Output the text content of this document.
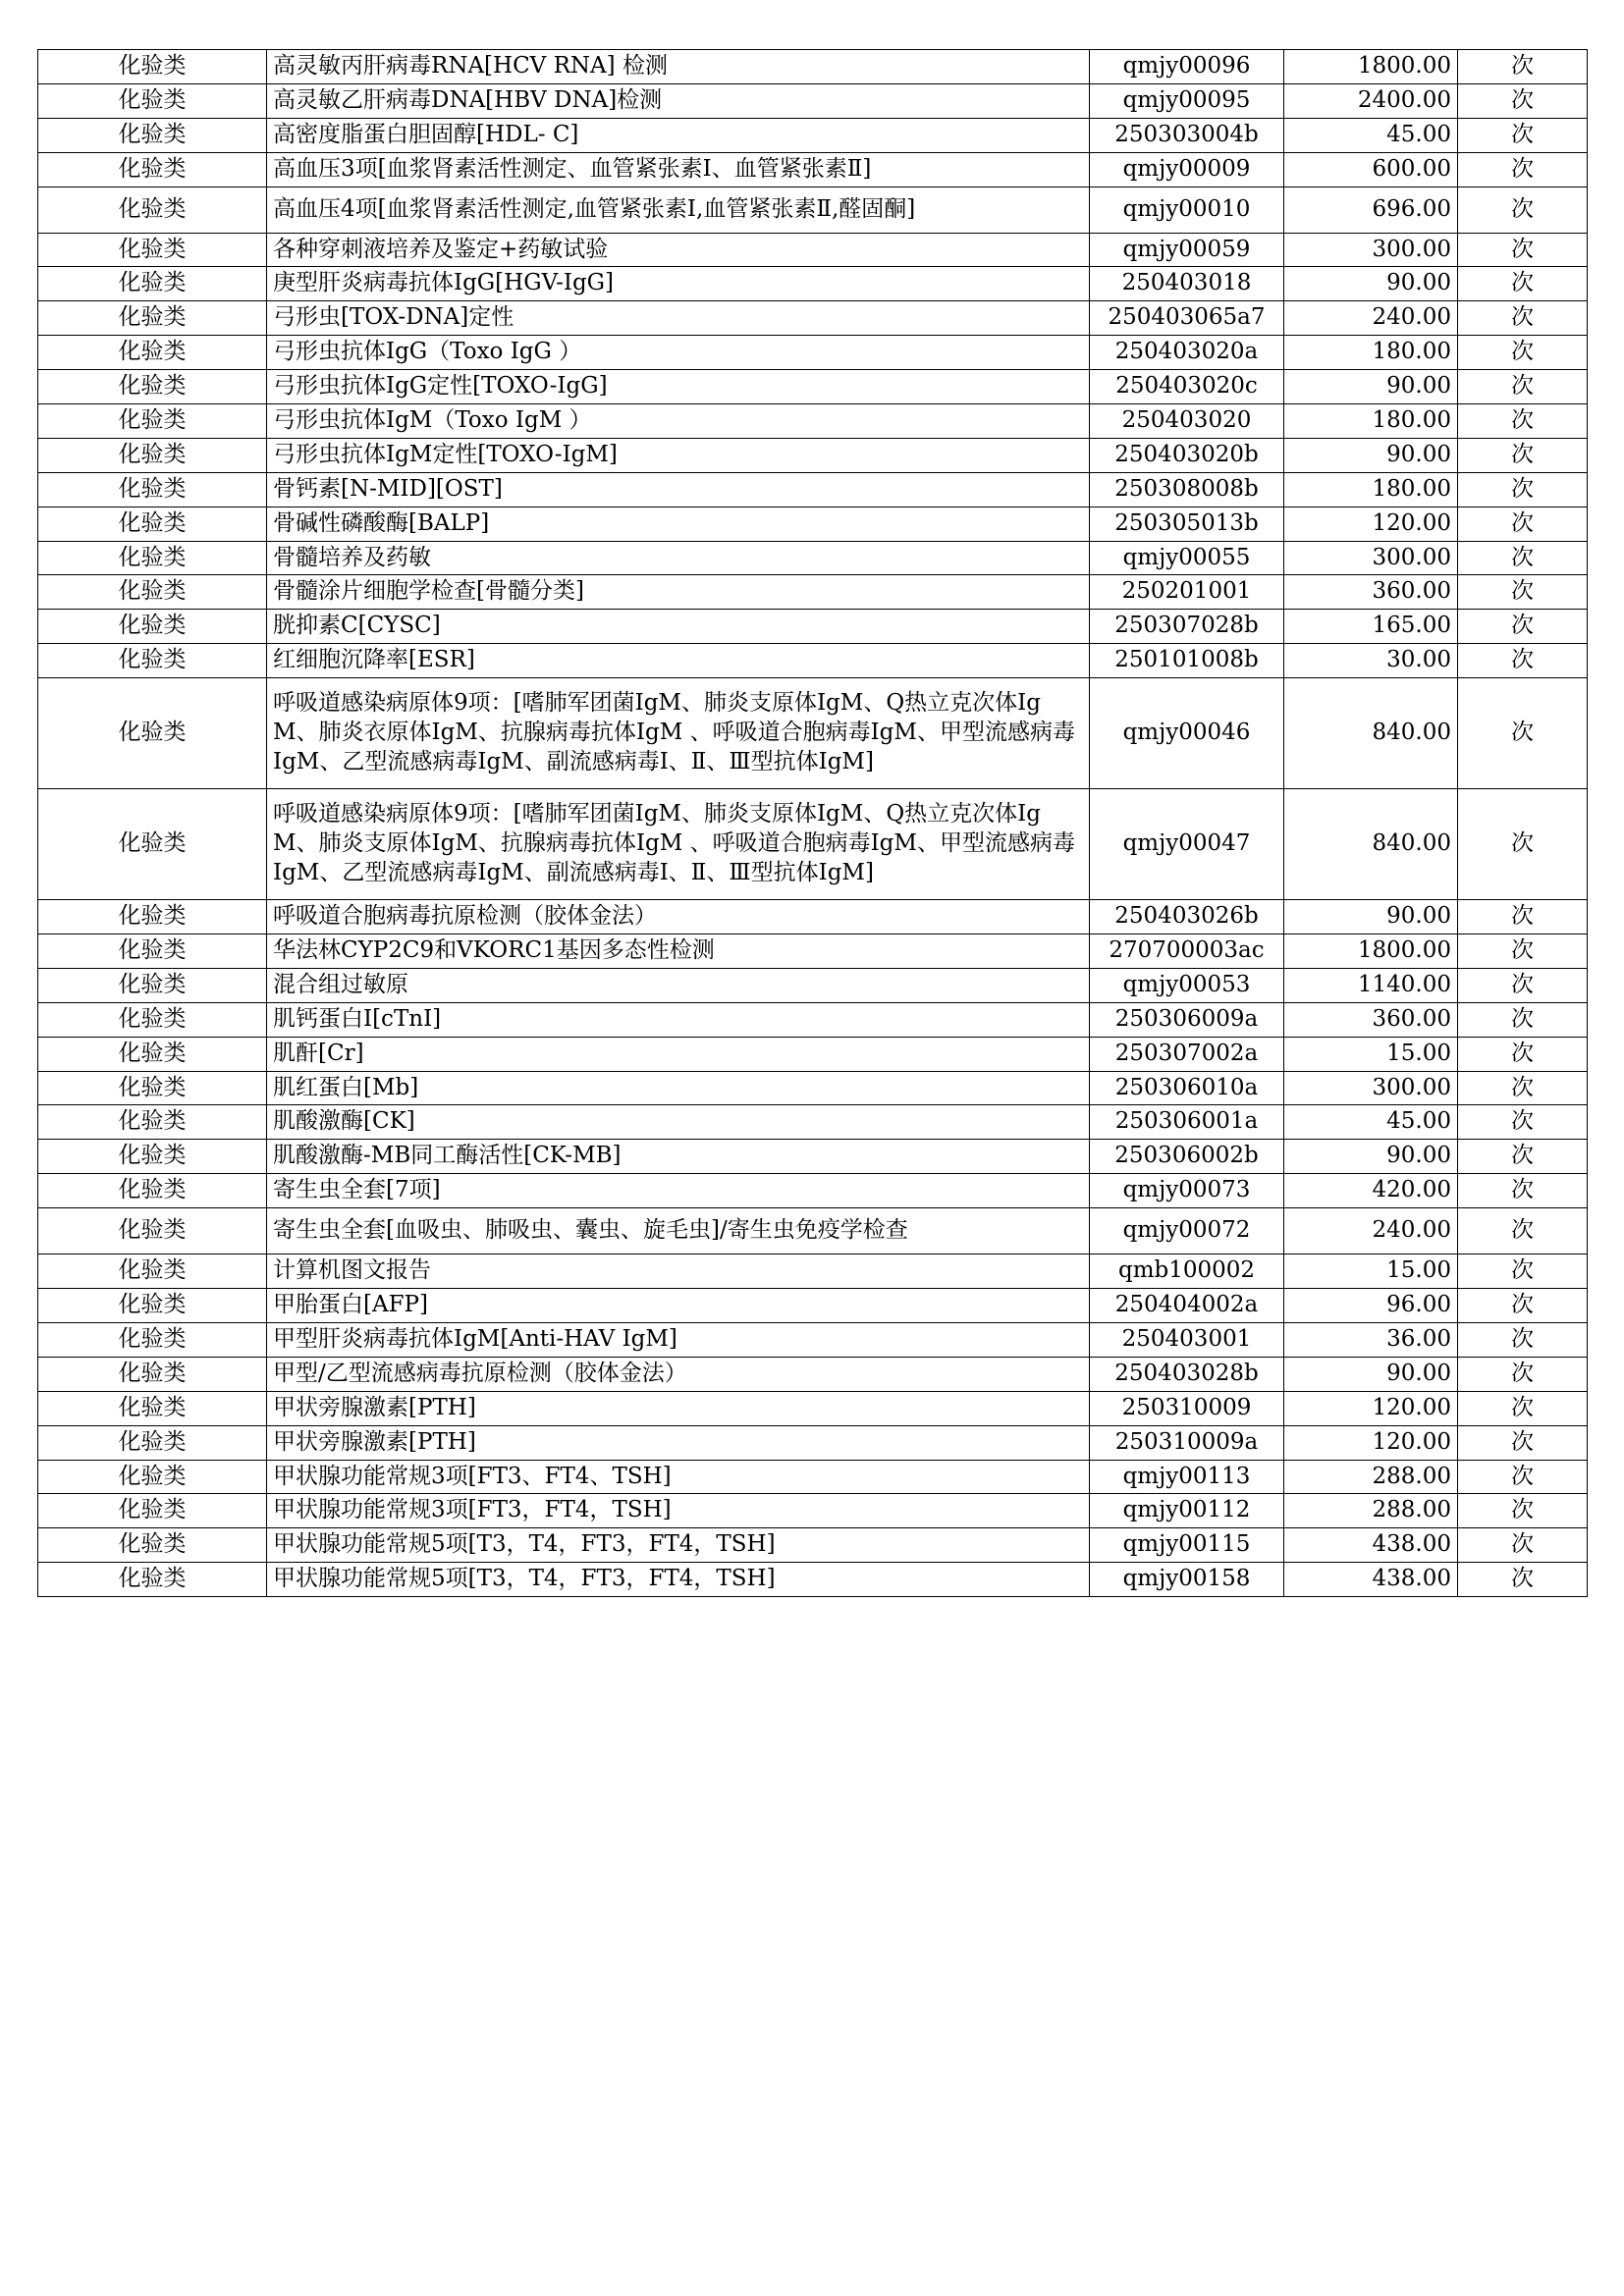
化验类	高灵敏丙肝病毒RNA[HCV RNA] 检测	qmjy00096	1800.00	次
化验类	高灵敏乙肝病毒DNA[HBV DNA]检测	qmjy00095	2400.00	次
化验类	高密度脂蛋白胆固醇[HDL- C]	250303004b	45.00	次
化验类	高血压3项[血浆肾素活性测定、血管紧张素Ⅰ、血管紧张素Ⅱ]	qmjy00009	600.00	次
化验类	高血压4项[血浆肾素活性测定,血管紧张素Ⅰ,血管紧张素Ⅱ,醛固酮]	qmjy00010	696.00	次
化验类	各种穿刺液培养及鉴定+药敏试验	qmjy00059	300.00	次
化验类	庚型肝炎病毒抗体IgG[HGV-IgG]	250403018	90.00	次
化验类	弓形虫[TOX-DNA]定性	250403065a7	240.00	次
化验类	弓形虫抗体IgG（Toxo IgG ）	250403020a	180.00	次
化验类	弓形虫抗体IgG定性[TOXO-IgG]	250403020c	90.00	次
化验类	弓形虫抗体IgM（Toxo IgM ）	250403020	180.00	次
化验类	弓形虫抗体IgM定性[TOXO-IgM]	250403020b	90.00	次
化验类	骨钙素[N-MID][OST]	250308008b	180.00	次
化验类	骨碱性磷酸酶[BALP]	250305013b	120.00	次
化验类	骨髓培养及药敏	qmjy00055	300.00	次
化验类	骨髓涂片细胞学检查[骨髓分类]	250201001	360.00	次
化验类	胱抑素C[CYSC]	250307028b	165.00	次
化验类	红细胞沉降率[ESR]	250101008b	30.00	次
化验类	呼吸道感染病原体9项：[嗜肺军团菌IgM、肺炎支原体IgM、Q热立克次体IgM、肺炎衣原体IgM、抗腺病毒抗体IgM 、呼吸道合胞病毒IgM、甲型流感病毒IgM、乙型流感病毒IgM、副流感病毒Ⅰ、Ⅱ、Ⅲ型抗体IgM]	qmjy00046	840.00	次
化验类	呼吸道感染病原体9项：[嗜肺军团菌IgM、肺炎支原体IgM、Q热立克次体IgM、肺炎支原体IgM、抗腺病毒抗体IgM 、呼吸道合胞病毒IgM、甲型流感病毒IgM、乙型流感病毒IgM、副流感病毒Ⅰ、Ⅱ、Ⅲ型抗体IgM]	qmjy00047	840.00	次
化验类	呼吸道合胞病毒抗原检测（胶体金法）	250403026b	90.00	次
化验类	华法林CYP2C9和VKORC1基因多态性检测	270700003ac	1800.00	次
化验类	混合组过敏原	qmjy00053	1140.00	次
化验类	肌钙蛋白I[cTnI]	250306009a	360.00	次
化验类	肌酐[Cr]	250307002a	15.00	次
化验类	肌红蛋白[Mb]	250306010a	300.00	次
化验类	肌酸激酶[CK]	250306001a	45.00	次
化验类	肌酸激酶-MB同工酶活性[CK-MB]	250306002b	90.00	次
化验类	寄生虫全套[7项]	qmjy00073	420.00	次
化验类	寄生虫全套[血吸虫、肺吸虫、囊虫、旋毛虫]/寄生虫免疫学检查	qmjy00072	240.00	次
化验类	计算机图文报告	qmb100002	15.00	次
化验类	甲胎蛋白[AFP]	250404002a	96.00	次
化验类	甲型肝炎病毒抗体IgM[Anti-HAV IgM]	250403001	36.00	次
化验类	甲型/乙型流感病毒抗原检测（胶体金法）	250403028b	90.00	次
化验类	甲状旁腺激素[PTH]	250310009	120.00	次
化验类	甲状旁腺激素[PTH]	250310009a	120.00	次
化验类	甲状腺功能常规3项[FT3、FT4、TSH]	qmjy00113	288.00	次
化验类	甲状腺功能常规3项[FT3，FT4，TSH]	qmjy00112	288.00	次
化验类	甲状腺功能常规5项[T3，T4，FT3，FT4，TSH]	qmjy00115	438.00	次
化验类	甲状腺功能常规5项[T3，T4，FT3，FT4，TSH]	qmjy00158	438.00	次
